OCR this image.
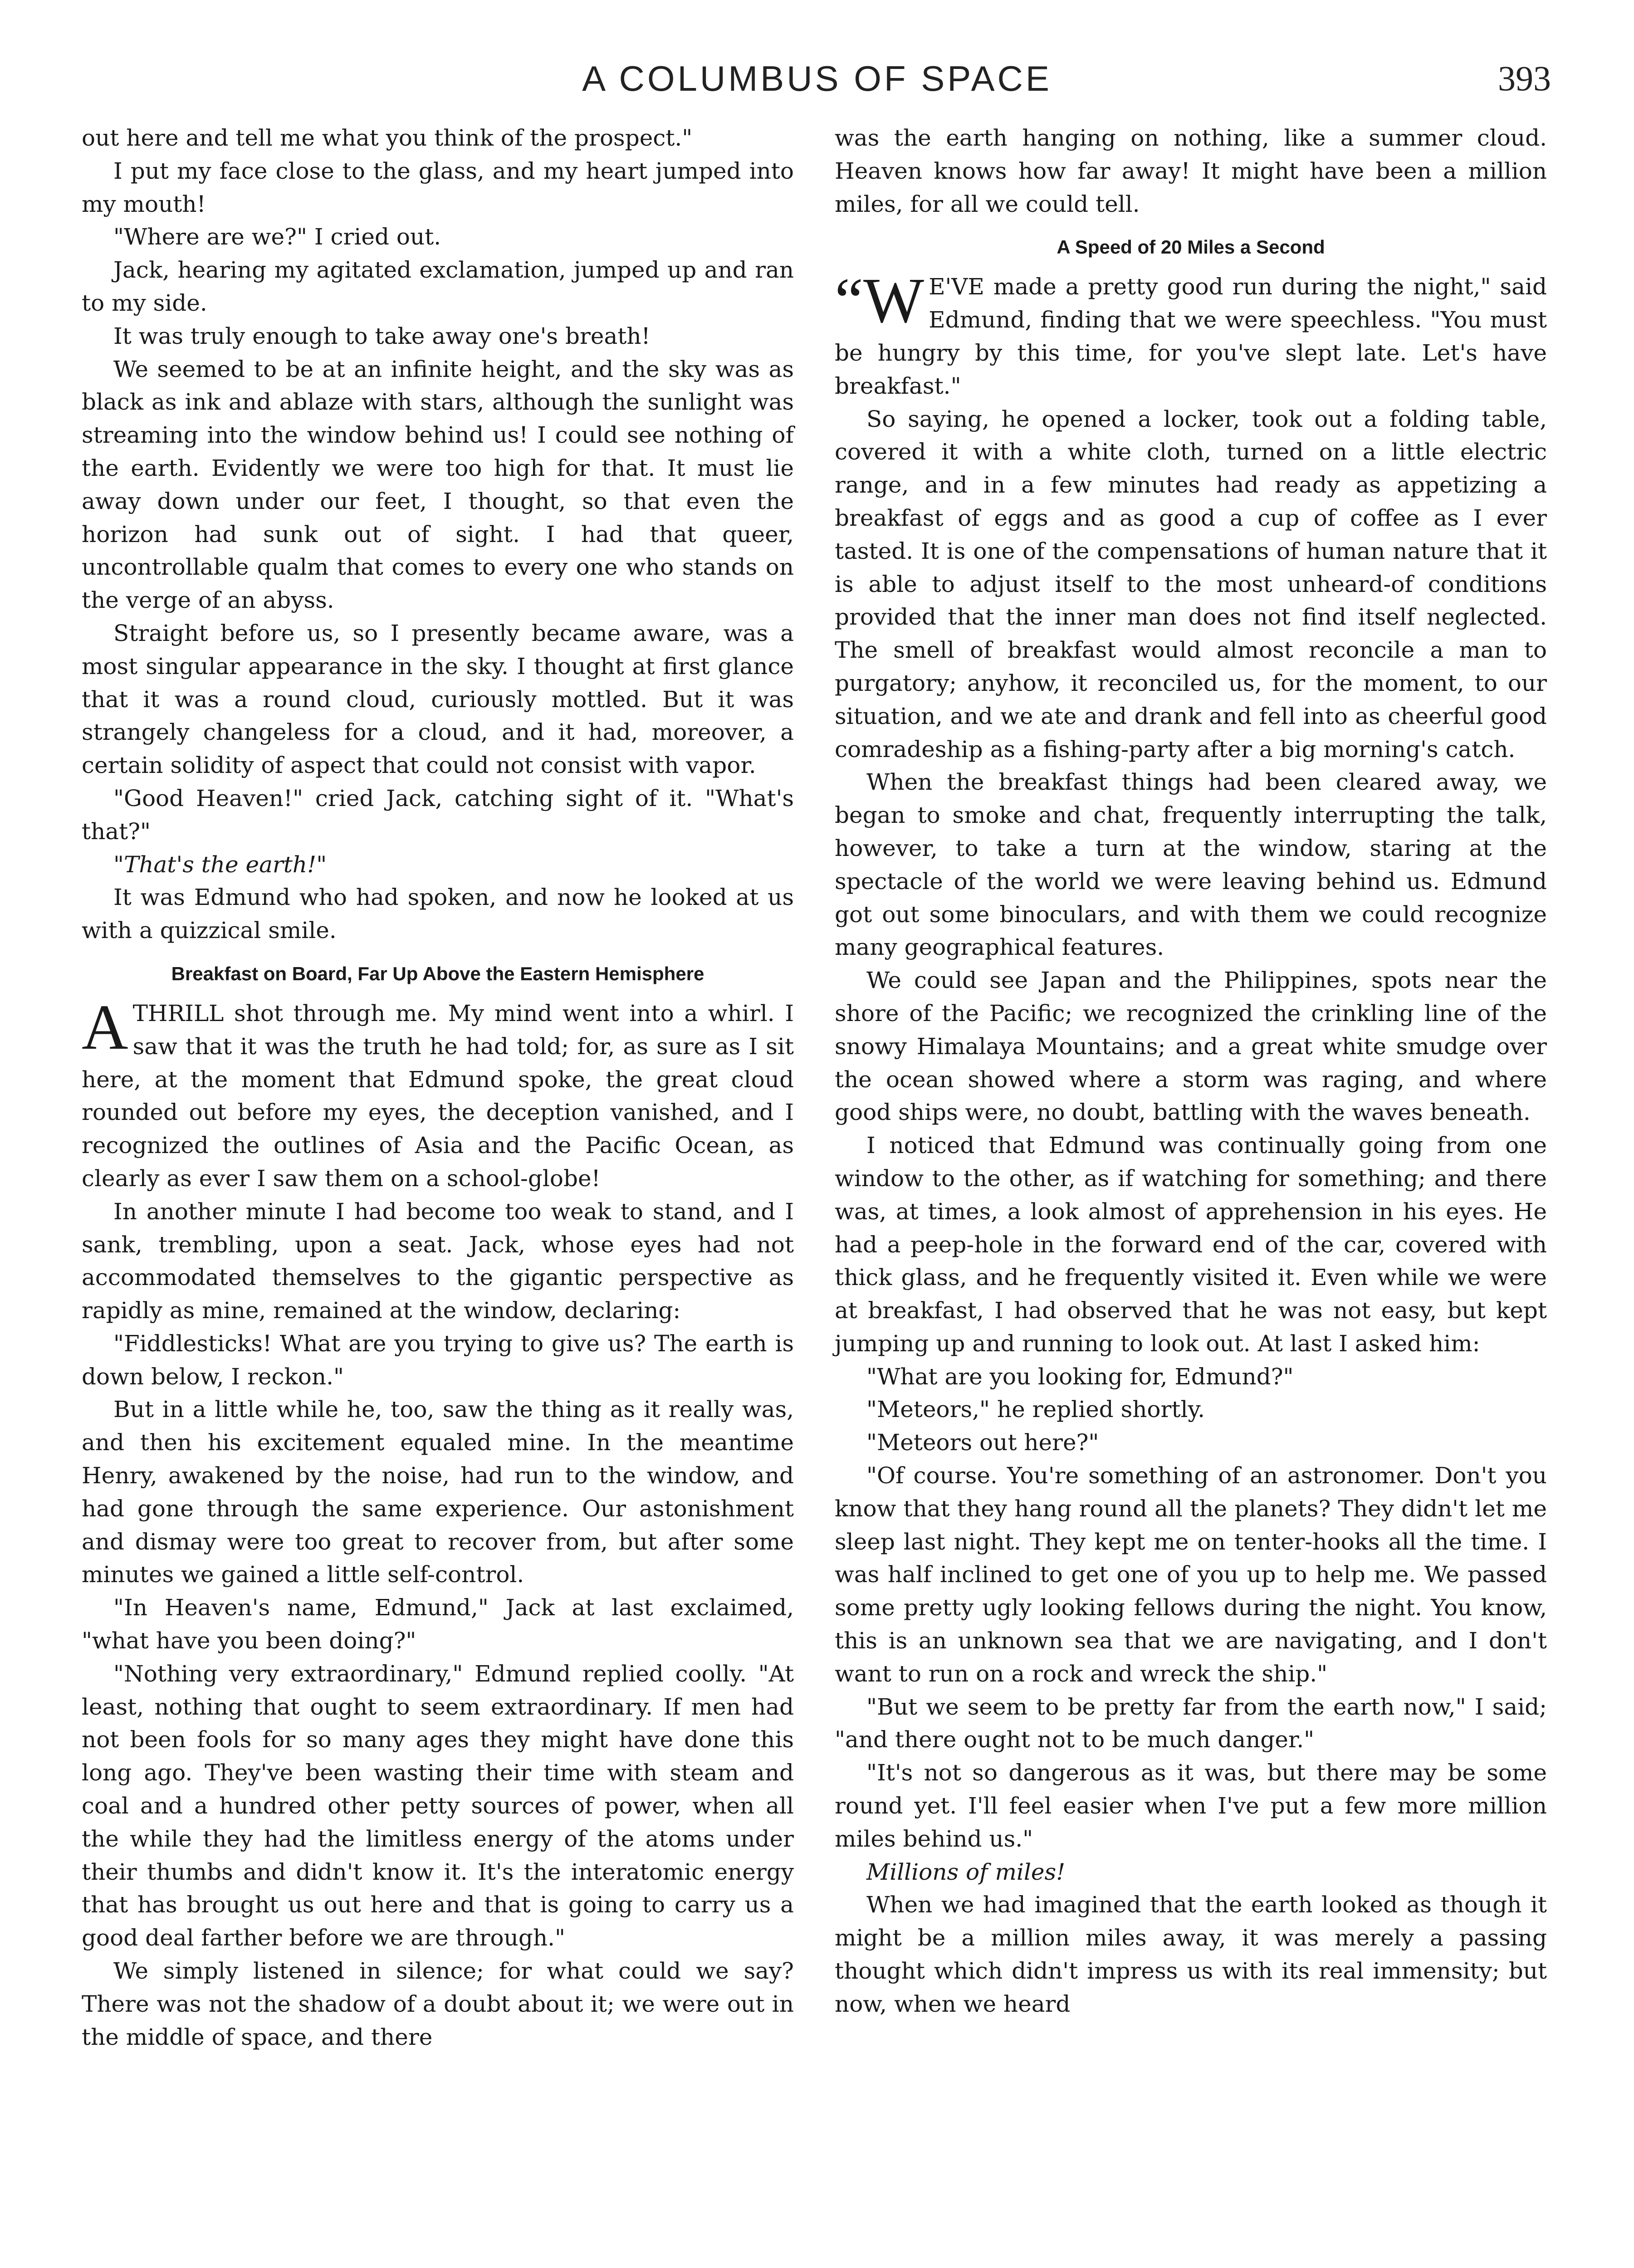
A COLUMBUS OF SPACE	393

out here and tell me what you think of the prospect."

I put my face close to the glass, and my heart jumped into my mouth!

"Where are we?" I cried out.

Jack, hearing my agitated exclamation, jumped up and ran to my side.

It was truly enough to take away one's breath!

We seemed to be at an infinite height, and the sky was as black as ink and ablaze with stars, although the sunlight was streaming into the window behind us! I could see nothing of the earth. Evidently we were too high for that. It must lie away down under our feet, I thought, so that even the horizon had sunk out of sight. I had that queer, uncontrollable qualm that comes to every one who stands on the verge of an abyss.

Straight before us, so I presently became aware, was a most singular appearance in the sky. I thought at first glance that it was a round cloud, curiously mottled. But it was strangely changeless for a cloud, and it had, moreover, a certain solidity of aspect that could not consist with vapor.

"Good Heaven!" cried Jack, catching sight of it. "What's that?"

"That's the earth!"

It was Edmund who had spoken, and now he looked at us with a quizzical smile.

Breakfast on Board, Far Up Above the Eastern Hemisphere

A THRILL shot through me. My mind went into a whirl. I saw that it was the truth he had told; for, as sure as I sit here, at the moment that Edmund spoke, the great cloud rounded out before my eyes, the deception vanished, and I recognized the outlines of Asia and the Pacific Ocean, as clearly as ever I saw them on a school-globe!

In another minute I had become too weak to stand, and I sank, trembling, upon a seat. Jack, whose eyes had not accommodated themselves to the gigantic perspective as rapidly as mine, remained at the window, declaring:

"Fiddlesticks! What are you trying to give us? The earth is down below, I reckon."

But in a little while he, too, saw the thing as it really was, and then his excitement equaled mine. In the meantime Henry, awakened by the noise, had run to the window, and had gone through the same experience. Our astonishment and dismay were too great to recover from, but after some minutes we gained a little self-control.

"In Heaven's name, Edmund," Jack at last exclaimed, "what have you been doing?"

"Nothing very extraordinary," Edmund replied coolly. "At least, nothing that ought to seem extraordinary. If men had not been fools for so many ages they might have done this long ago. They've been wasting their time with steam and coal and a hundred other petty sources of power, when all the while they had the limitless energy of the atoms under their thumbs and didn't know it. It's the interatomic energy that has brought us out here and that is going to carry us a good deal farther before we are through."

We simply listened in silence; for what could we say? There was not the shadow of a doubt about it; we were out in the middle of space, and there

was the earth hanging on nothing, like a summer cloud. Heaven knows how far away! It might have been a million miles, for all we could tell.

A Speed of 20 Miles a Second

“W E'VE made a pretty good run during the night," said Edmund, finding that we were speechless. "You must be hungry by this time, for you've slept late. Let's have breakfast."

So saying, he opened a locker, took out a folding table, covered it with a white cloth, turned on a little electric range, and in a few minutes had ready as appetizing a breakfast of eggs and as good a cup of coffee as I ever tasted. It is one of the compensations of human nature that it is able to adjust itself to the most unheard-of conditions provided that the inner man does not find itself neglected. The smell of breakfast would almost reconcile a man to purgatory; anyhow, it reconciled us, for the moment, to our situation, and we ate and drank and fell into as cheerful good comradeship as a fishing-party after a big morning's catch.

When the breakfast things had been cleared away, we began to smoke and chat, frequently interrupting the talk, however, to take a turn at the window, staring at the spectacle of the world we were leaving behind us. Edmund got out some binoculars, and with them we could recognize many geographical features.

We could see Japan and the Philippines, spots near the shore of the Pacific; we recognized the crinkling line of the snowy Himalaya Mountains; and a great white smudge over the ocean showed where a storm was raging, and where good ships were, no doubt, battling with the waves beneath.

I noticed that Edmund was continually going from one window to the other, as if watching for something; and there was, at times, a look almost of apprehension in his eyes. He had a peep-hole in the forward end of the car, covered with thick glass, and he frequently visited it. Even while we were at breakfast, I had observed that he was not easy, but kept jumping up and running to look out. At last I asked him:

"What are you looking for, Edmund?"

"Meteors," he replied shortly.

"Meteors out here?"

"Of course. You're something of an astronomer. Don't you know that they hang round all the planets? They didn't let me sleep last night. They kept me on tenter-hooks all the time. I was half inclined to get one of you up to help me. We passed some pretty ugly looking fellows during the night. You know, this is an unknown sea that we are navigating, and I don't want to run on a rock and wreck the ship."

"But we seem to be pretty far from the earth now," I said; "and there ought not to be much danger."

"It's not so dangerous as it was, but there may be some round yet. I'll feel easier when I've put a few more million miles behind us."

Millions of miles!

When we had imagined that the earth looked as though it might be a million miles away, it was merely a passing thought which didn't impress us with its real immensity; but now, when we heard
